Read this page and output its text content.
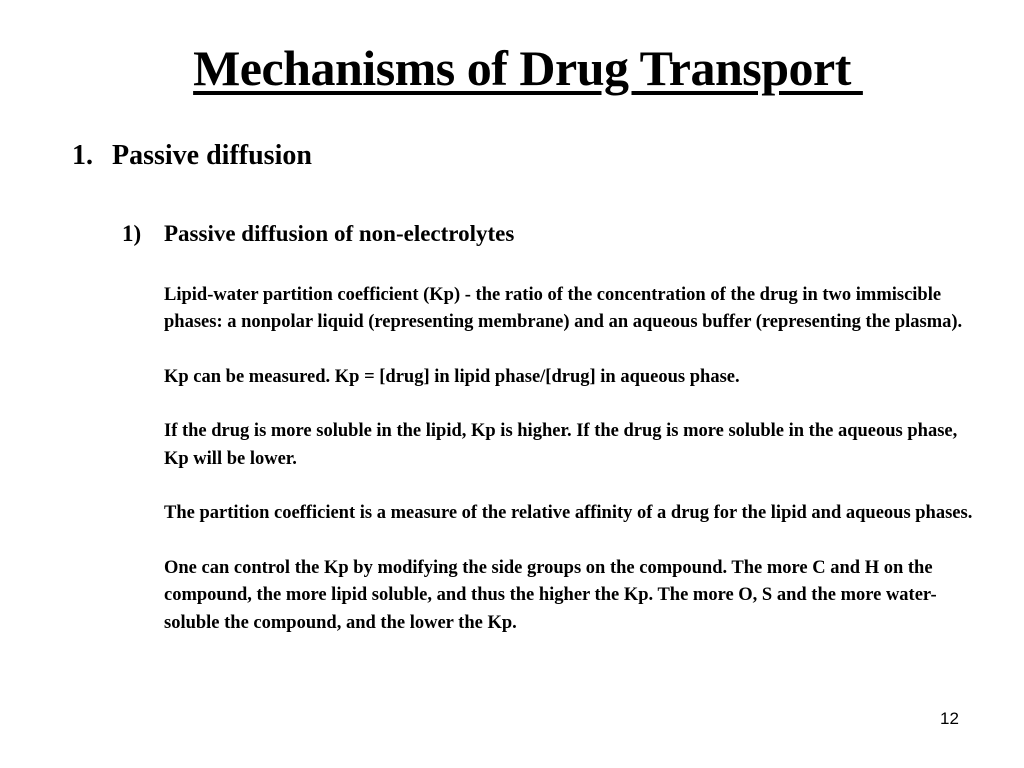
Mechanisms of Drug Transport
1. Passive diffusion
1) Passive diffusion of non-electrolytes

Lipid-water partition coefficient (Kp) - the ratio of the concentration of the drug in two immiscible phases: a nonpolar liquid (representing membrane) and an aqueous buffer (representing the plasma).

Kp can be measured. Kp = [drug] in lipid phase/[drug] in aqueous phase.

If the drug is more soluble in the lipid, Kp is higher. If the drug is more soluble in the aqueous phase, Kp will be lower.

The partition coefficient is a measure of the relative affinity of a drug for the lipid and aqueous phases.

One can control the Kp by modifying the side groups on the compound. The more C and H on the compound, the more lipid soluble, and thus the higher the Kp. The more O, S and the more water-soluble the compound, and the lower the Kp.

12
